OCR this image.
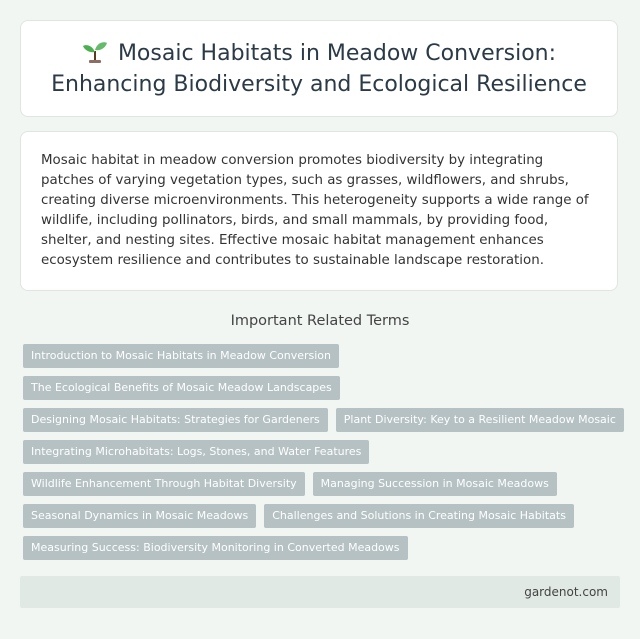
Mosaic Habitats in Meadow Conversion: Enhancing Biodiversity and Ecological Resilience

Mosaic habitat in meadow conversion promotes biodiversity by integrating patches of varying vegetation types, such as grasses, wildflowers, and shrubs, creating diverse microenvironments. This heterogeneity supports a wide range of wildlife, including pollinators, birds, and small mammals, by providing food, shelter, and nesting sites. Effective mosaic habitat management enhances ecosystem resilience and contributes to sustainable landscape restoration.

Important Related Terms
Introduction to Mosaic Habitats in Meadow Conversion
The Ecological Benefits of Mosaic Meadow Landscapes
Designing Mosaic Habitats: Strategies for Gardeners	Plant Diversity: Key to a Resilient Meadow Mosaic
Integrating Microhabitats: Logs, Stones, and Water Features
Wildlife Enhancement Through Habitat Diversity	Managing Succession in Mosaic Meadows
Seasonal Dynamics in Mosaic Meadows	Challenges and Solutions in Creating Mosaic Habitats
Measuring Success: Biodiversity Monitoring in Converted Meadows
gardenot.com
